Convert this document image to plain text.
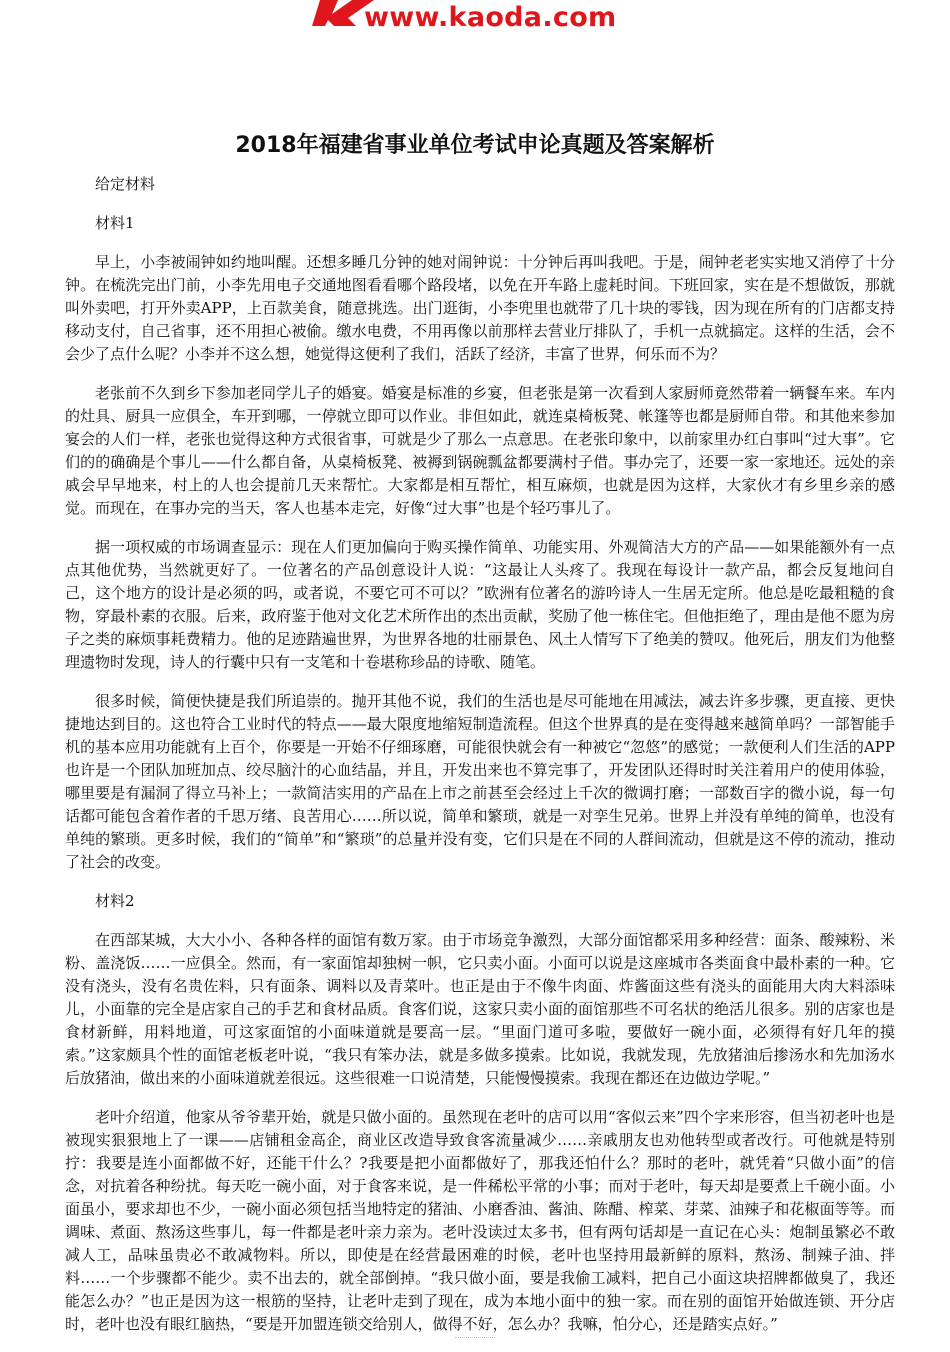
www.kaoda.com
2018年福建省事业单位考试申论真题及答案解析

给定材料

材料1

早上，小李被闹钟如约地叫醒。还想多睡几分钟的她对闹钟说：十分钟后再叫我吧。于是，闹钟老老实实地又消停了十分钟。在梳洗完出门前，小李先用电子交通地图看看哪个路段堵，以免在开车路上虚耗时间。下班回家，实在是不想做饭，那就叫外卖吧，打开外卖APP，上百款美食，随意挑选。出门逛街，小李兜里也就带了几十块的零钱，因为现在所有的门店都支持移动支付，自己省事，还不用担心被偷。缴水电费，不用再像以前那样去营业厅排队了，手机一点就搞定。这样的生活，会不会少了点什么呢？小李并不这么想，她觉得这便利了我们，活跃了经济，丰富了世界，何乐而不为？

老张前不久到乡下参加老同学儿子的婚宴。婚宴是标准的乡宴，但老张是第一次看到人家厨师竟然带着一辆餐车来。车内的灶具、厨具一应俱全，车开到哪，一停就立即可以作业。非但如此，就连桌椅板凳、帐篷等也都是厨师自带。和其他来参加宴会的人们一样，老张也觉得这种方式很省事，可就是少了那么一点意思。在老张印象中，以前家里办红白事叫“过大事”。它们的的确确是个事儿——什么都自备，从桌椅板凳、被褥到锅碗瓢盆都要满村子借。事办完了，还要一家一家地还。远处的亲戚会早早地来，村上的人也会提前几天来帮忙。大家都是相互帮忙，相互麻烦，也就是因为这样，大家伙才有乡里乡亲的感觉。而现在，在事办完的当天，客人也基本走完，好像“过大事”也是个轻巧事儿了。

据一项权威的市场调查显示：现在人们更加偏向于购买操作简单、功能实用、外观简洁大方的产品——如果能额外有一点点其他优势，当然就更好了。一位著名的产品创意设计人说：“这最让人头疼了。我现在每设计一款产品，都会反复地问自己，这个地方的设计是必须的吗，或者说，不要它可不可以？”欧洲有位著名的游吟诗人一生居无定所。他总是吃最粗糙的食物，穿最朴素的衣服。后来，政府鉴于他对文化艺术所作出的杰出贡献，奖励了他一栋住宅。但他拒绝了，理由是他不愿为房子之类的麻烦事耗费精力。他的足迹踏遍世界，为世界各地的壮丽景色、风土人情写下了绝美的赞叹。他死后，朋友们为他整理遗物时发现，诗人的行囊中只有一支笔和十卷堪称珍品的诗歌、随笔。

很多时候，简便快捷是我们所追崇的。抛开其他不说，我们的生活也是尽可能地在用减法，减去许多步骤，更直接、更快捷地达到目的。这也符合工业时代的特点——最大限度地缩短制造流程。但这个世界真的是在变得越来越简单吗？一部智能手机的基本应用功能就有上百个，你要是一开始不仔细琢磨，可能很快就会有一种被它“忽悠”的感觉；一款便利人们生活的APP也许是一个团队加班加点、绞尽脑汁的心血结晶，并且，开发出来也不算完事了，开发团队还得时时关注着用户的使用体验，哪里要是有漏洞了得立马补上；一款简洁实用的产品在上市之前甚至会经过上千次的微调打磨；一部数百字的微小说，每一句话都可能包含着作者的千思万绪、良苦用心……所以说，简单和繁琐，就是一对孪生兄弟。世界上并没有单纯的简单，也没有单纯的繁琐。更多时候，我们的“简单”和“繁琐”的总量并没有变，它们只是在不同的人群间流动，但就是这不停的流动，推动了社会的改变。

材料2

在西部某城，大大小小、各种各样的面馆有数万家。由于市场竞争激烈，大部分面馆都采用多种经营：面条、酸辣粉、米粉、盖浇饭……一应俱全。然而，有一家面馆却独树一帜，它只卖小面。小面可以说是这座城市各类面食中最朴素的一种。它没有浇头，没有名贵佐料，只有面条、调料以及青菜叶。也正是由于不像牛肉面、炸酱面这些有浇头的面能用大肉大料添味儿，小面靠的完全是店家自己的手艺和食材品质。食客们说，这家只卖小面的面馆那些不可名状的绝活儿很多。别的店家也是食材新鲜，用料地道，可这家面馆的小面味道就是要高一层。“里面门道可多啦，要做好一碗小面，必须得有好几年的摸索。”这家颇具个性的面馆老板老叶说，“我只有笨办法，就是多做多摸索。比如说，我就发现，先放猪油后掺汤水和先加汤水后放猪油，做出来的小面味道就差很远。这些很难一口说清楚，只能慢慢摸索。我现在都还在边做边学呢。”

老叶介绍道，他家从爷爷辈开始，就是只做小面的。虽然现在老叶的店可以用“客似云来”四个字来形容，但当初老叶也是被现实狠狠地上了一课——店铺租金高企，商业区改造导致食客流量减少……亲戚朋友也劝他转型或者改行。可他就是特别拧：我要是连小面都做不好，还能干什么？?我要是把小面都做好了，那我还怕什么？那时的老叶，就凭着“只做小面”的信念，对抗着各种纷扰。每天吃一碗小面，对于食客来说，是一件稀松平常的小事；而对于老叶，每天却是要煮上千碗小面。小面虽小，要求却也不少，一碗小面必须包括当地特定的猪油、小磨香油、酱油、陈醋、榨菜、芽菜、油辣子和花椒面等等。而调味、煮面、熬汤这些事儿，每一件都是老叶亲力亲为。老叶没读过太多书，但有两句话却是一直记在心头：炮制虽繁必不敢减人工，品味虽贵必不敢减物料。所以，即使是在经营最困难的时候，老叶也坚持用最新鲜的原料，熬汤、制辣子油、拌料……一个步骤都不能少。卖不出去的，就全部倒掉。“我只做小面，要是我偷工减料，把自己小面这块招牌都做臭了，我还能怎么办？”也正是因为这一根筋的坚持，让老叶走到了现在，成为本地小面中的独一家。而在别的面馆开始做连锁、开分店时，老叶也没有眼红脑热，“要是开加盟连锁交给别人，做得不好，怎么办？我嘛，怕分心，还是踏实点好。”
